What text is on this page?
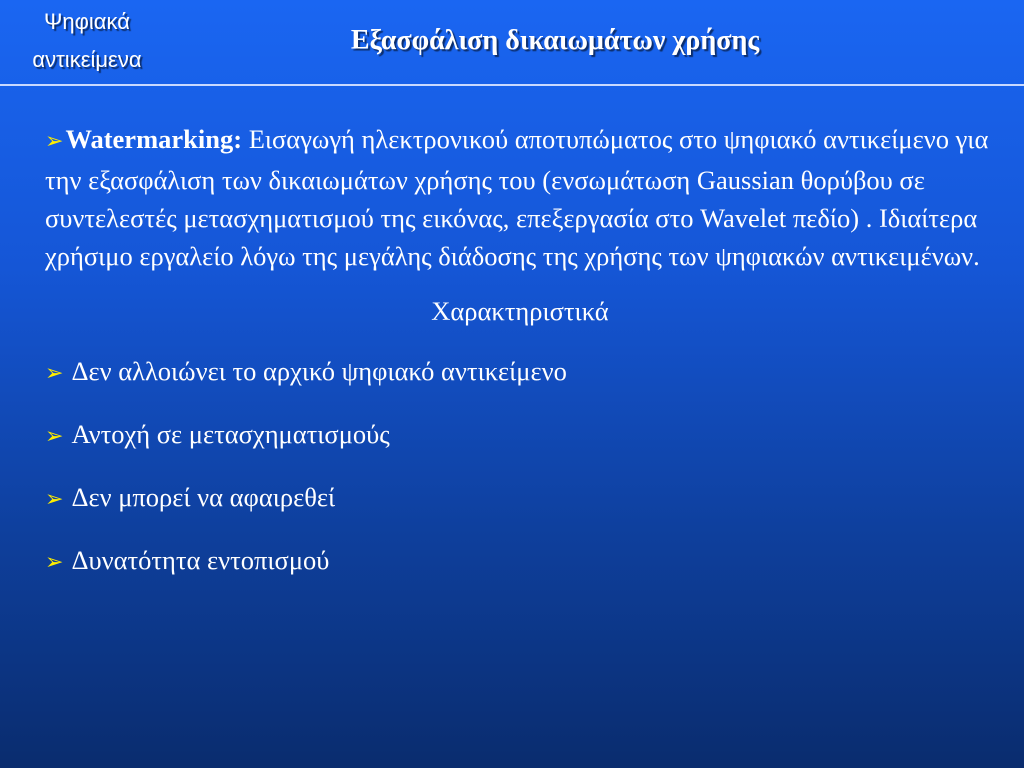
Ψηφιακά
αντικείμενα
Εξασφάλιση δικαιωμάτων χρήσης

➢Watermarking: Εισαγωγή ηλεκτρονικού αποτυπώματος στο ψηφιακό αντικείμενο για την εξασφάλιση των δικαιωμάτων χρήσης του (ενσωμάτωση Gaussian θορύβου σε συντελεστές μετασχηματισμού της εικόνας, επεξεργασία στο Wavelet πεδίο) . Ιδιαίτερα χρήσιμο εργαλείο λόγω της μεγάλης διάδοσης της χρήσης των ψηφιακών αντικειμένων.

Χαρακτηριστικά

➢ Δεν αλλοιώνει το αρχικό ψηφιακό αντικείμενο

➢ Αντοχή σε μετασχηματισμούς

➢ Δεν μπορεί να αφαιρεθεί

➢ Δυνατότητα εντοπισμού
